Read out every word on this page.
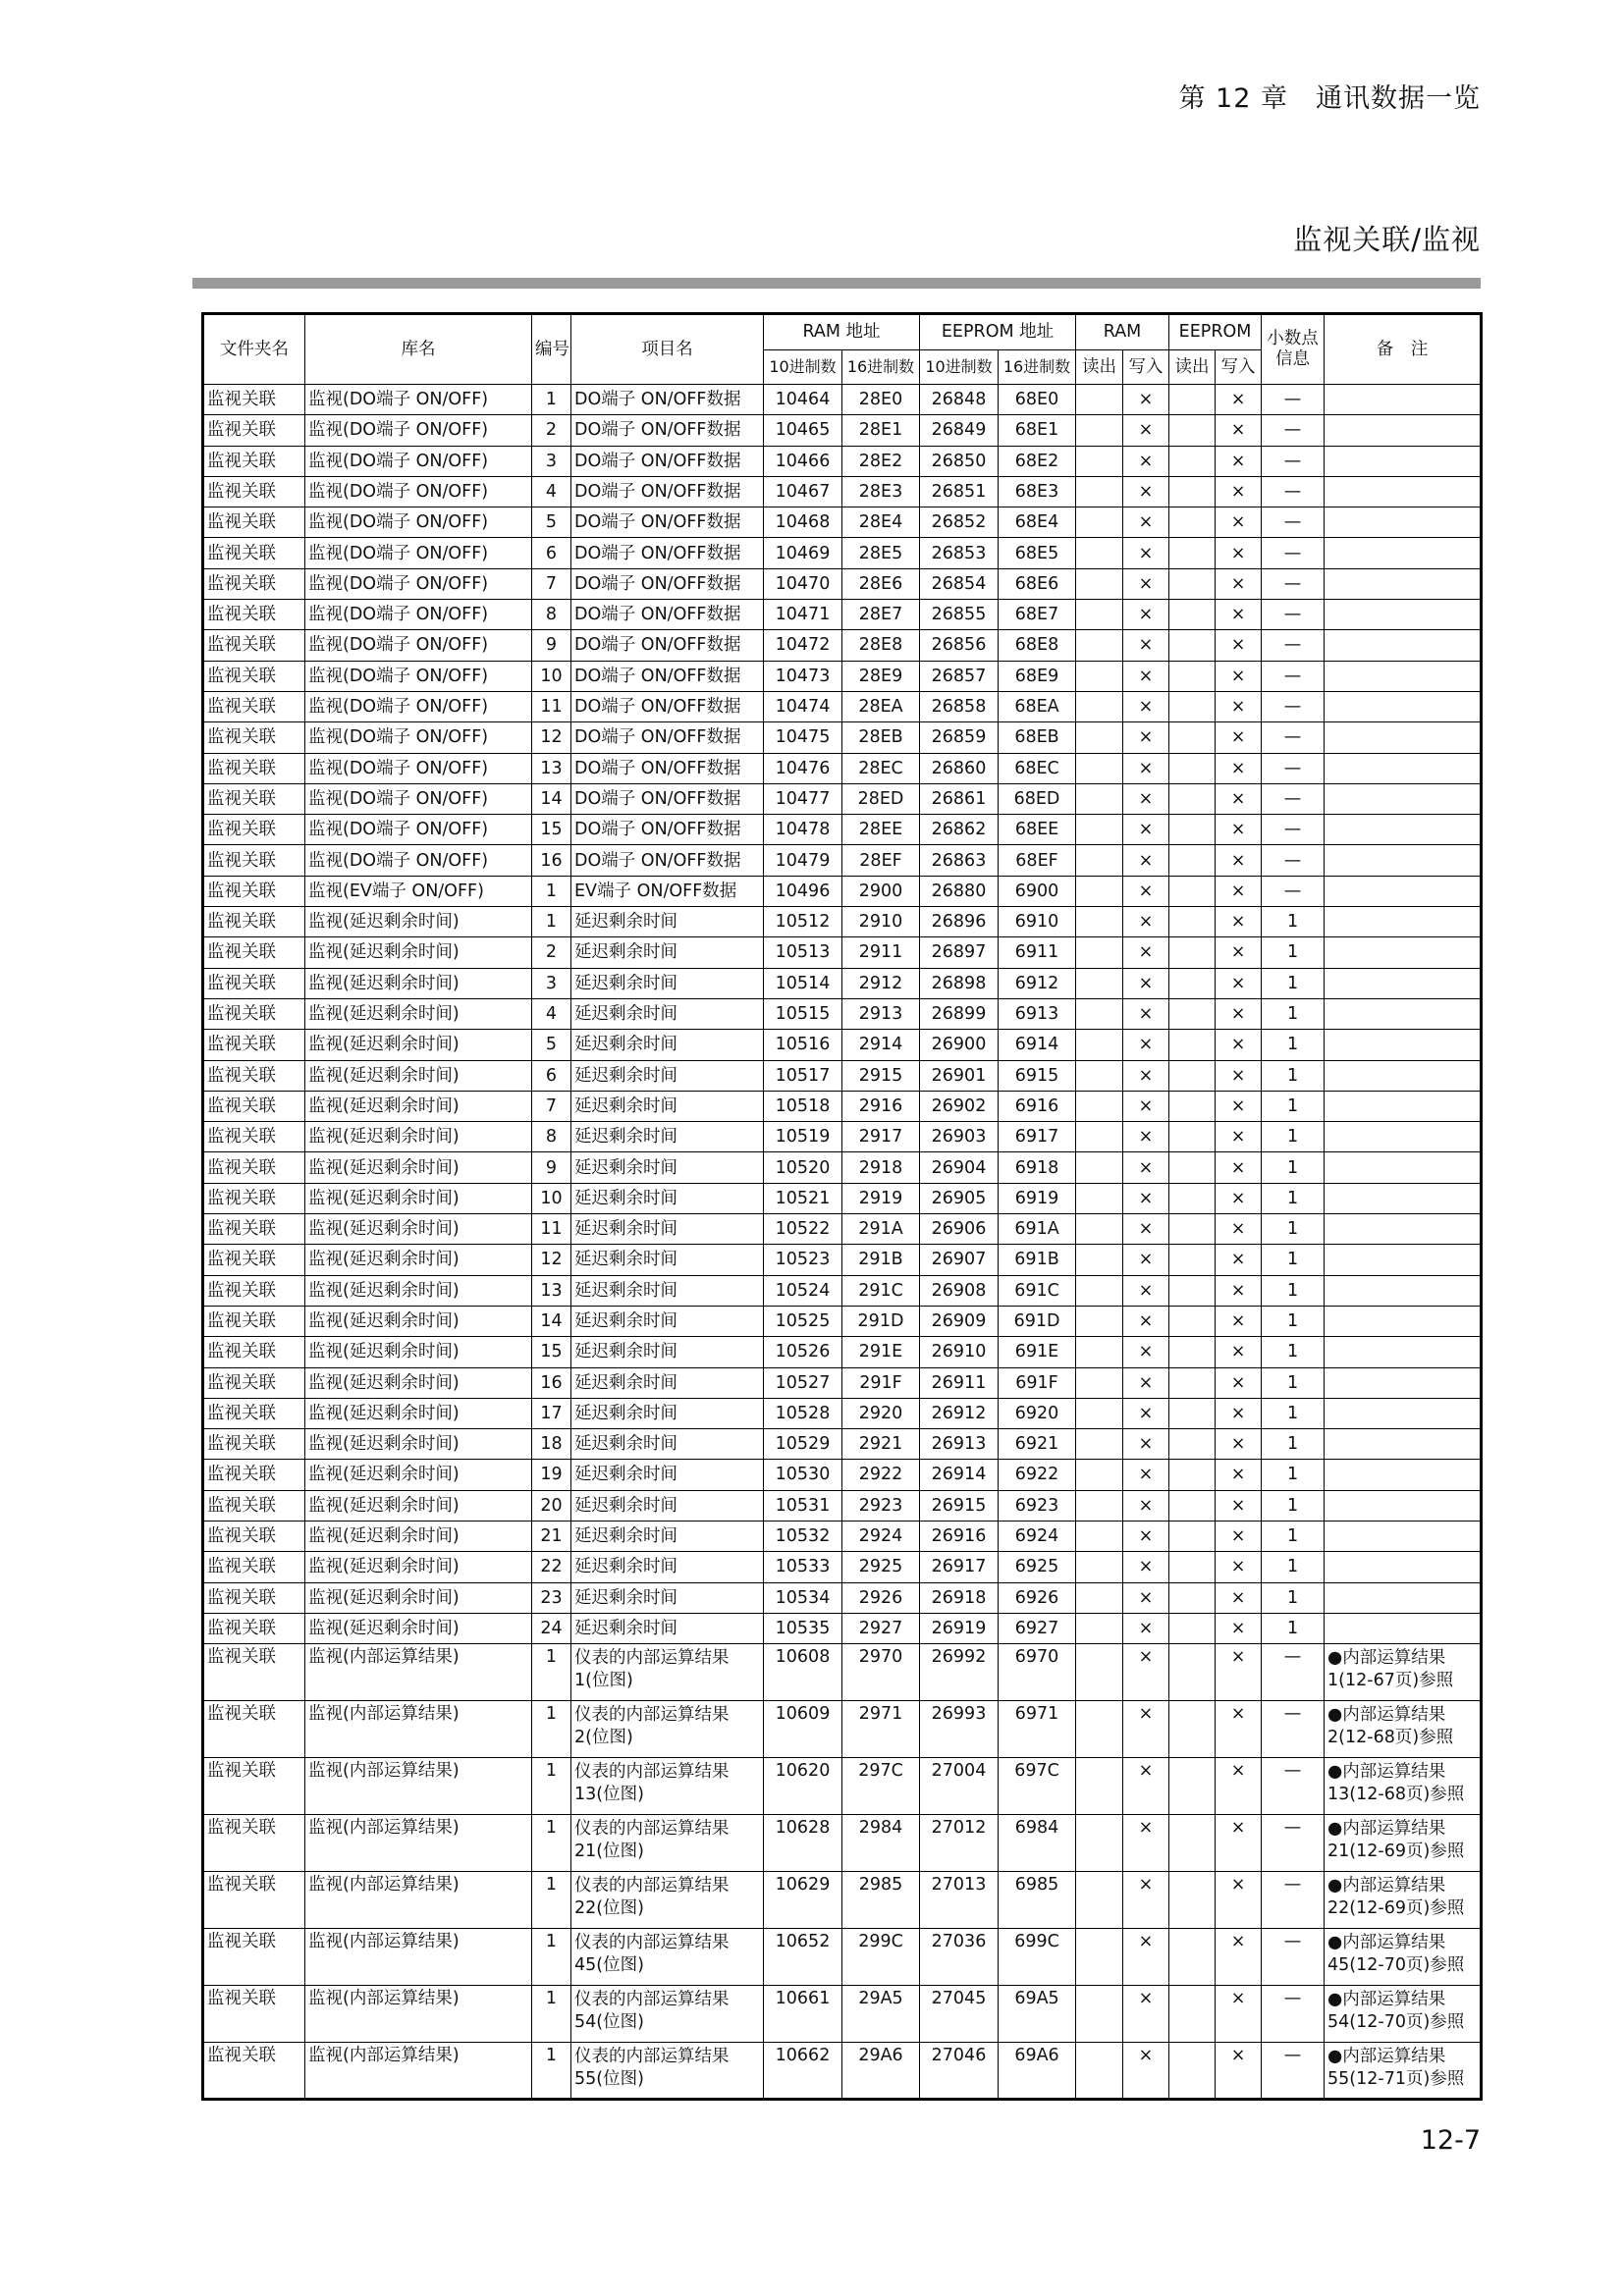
第 12 章　通讯数据一览
监视关联/监视
文件夹名	库名	编号	项目名	RAM 地址		EEPROM 地址		RAM		EEPROM		小数点信息	备　注
				10进制数	16进制数	10进制数	16进制数	读出	写入	读出	写入		
监视关联	监视(DO端子 ON/OFF)	1	DO端子 ON/OFF数据	10464	28E0	26848	68E0		×		×	—	
监视关联	监视(DO端子 ON/OFF)	2	DO端子 ON/OFF数据	10465	28E1	26849	68E1		×		×	—	
监视关联	监视(DO端子 ON/OFF)	3	DO端子 ON/OFF数据	10466	28E2	26850	68E2		×		×	—	
监视关联	监视(DO端子 ON/OFF)	4	DO端子 ON/OFF数据	10467	28E3	26851	68E3		×		×	—	
监视关联	监视(DO端子 ON/OFF)	5	DO端子 ON/OFF数据	10468	28E4	26852	68E4		×		×	—	
监视关联	监视(DO端子 ON/OFF)	6	DO端子 ON/OFF数据	10469	28E5	26853	68E5		×		×	—	
监视关联	监视(DO端子 ON/OFF)	7	DO端子 ON/OFF数据	10470	28E6	26854	68E6		×		×	—	
监视关联	监视(DO端子 ON/OFF)	8	DO端子 ON/OFF数据	10471	28E7	26855	68E7		×		×	—	
监视关联	监视(DO端子 ON/OFF)	9	DO端子 ON/OFF数据	10472	28E8	26856	68E8		×		×	—	
监视关联	监视(DO端子 ON/OFF)	10	DO端子 ON/OFF数据	10473	28E9	26857	68E9		×		×	—	
监视关联	监视(DO端子 ON/OFF)	11	DO端子 ON/OFF数据	10474	28EA	26858	68EA		×		×	—	
监视关联	监视(DO端子 ON/OFF)	12	DO端子 ON/OFF数据	10475	28EB	26859	68EB		×		×	—	
监视关联	监视(DO端子 ON/OFF)	13	DO端子 ON/OFF数据	10476	28EC	26860	68EC		×		×	—	
监视关联	监视(DO端子 ON/OFF)	14	DO端子 ON/OFF数据	10477	28ED	26861	68ED		×		×	—	
监视关联	监视(DO端子 ON/OFF)	15	DO端子 ON/OFF数据	10478	28EE	26862	68EE		×		×	—	
监视关联	监视(DO端子 ON/OFF)	16	DO端子 ON/OFF数据	10479	28EF	26863	68EF		×		×	—	
监视关联	监视(EV端子 ON/OFF)	1	EV端子 ON/OFF数据	10496	2900	26880	6900		×		×	—	
监视关联	监视(延迟剩余时间)	1	延迟剩余时间	10512	2910	26896	6910		×		×	1	
监视关联	监视(延迟剩余时间)	2	延迟剩余时间	10513	2911	26897	6911		×		×	1	
监视关联	监视(延迟剩余时间)	3	延迟剩余时间	10514	2912	26898	6912		×		×	1	
监视关联	监视(延迟剩余时间)	4	延迟剩余时间	10515	2913	26899	6913		×		×	1	
监视关联	监视(延迟剩余时间)	5	延迟剩余时间	10516	2914	26900	6914		×		×	1	
监视关联	监视(延迟剩余时间)	6	延迟剩余时间	10517	2915	26901	6915		×		×	1	
监视关联	监视(延迟剩余时间)	7	延迟剩余时间	10518	2916	26902	6916		×		×	1	
监视关联	监视(延迟剩余时间)	8	延迟剩余时间	10519	2917	26903	6917		×		×	1	
监视关联	监视(延迟剩余时间)	9	延迟剩余时间	10520	2918	26904	6918		×		×	1	
监视关联	监视(延迟剩余时间)	10	延迟剩余时间	10521	2919	26905	6919		×		×	1	
监视关联	监视(延迟剩余时间)	11	延迟剩余时间	10522	291A	26906	691A		×		×	1	
监视关联	监视(延迟剩余时间)	12	延迟剩余时间	10523	291B	26907	691B		×		×	1	
监视关联	监视(延迟剩余时间)	13	延迟剩余时间	10524	291C	26908	691C		×		×	1	
监视关联	监视(延迟剩余时间)	14	延迟剩余时间	10525	291D	26909	691D		×		×	1	
监视关联	监视(延迟剩余时间)	15	延迟剩余时间	10526	291E	26910	691E		×		×	1	
监视关联	监视(延迟剩余时间)	16	延迟剩余时间	10527	291F	26911	691F		×		×	1	
监视关联	监视(延迟剩余时间)	17	延迟剩余时间	10528	2920	26912	6920		×		×	1	
监视关联	监视(延迟剩余时间)	18	延迟剩余时间	10529	2921	26913	6921		×		×	1	
监视关联	监视(延迟剩余时间)	19	延迟剩余时间	10530	2922	26914	6922		×		×	1	
监视关联	监视(延迟剩余时间)	20	延迟剩余时间	10531	2923	26915	6923		×		×	1	
监视关联	监视(延迟剩余时间)	21	延迟剩余时间	10532	2924	26916	6924		×		×	1	
监视关联	监视(延迟剩余时间)	22	延迟剩余时间	10533	2925	26917	6925		×		×	1	
监视关联	监视(延迟剩余时间)	23	延迟剩余时间	10534	2926	26918	6926		×		×	1	
监视关联	监视(延迟剩余时间)	24	延迟剩余时间	10535	2927	26919	6927		×		×	1	
监视关联	监视(内部运算结果)	1	仪表的内部运算结果1(位图)	10608	2970	26992	6970		×		×	—	●内部运算结果1(12-67页)参照
监视关联	监视(内部运算结果)	1	仪表的内部运算结果2(位图)	10609	2971	26993	6971		×		×	—	●内部运算结果2(12-68页)参照
监视关联	监视(内部运算结果)	1	仪表的内部运算结果13(位图)	10620	297C	27004	697C		×		×	—	●内部运算结果13(12-68页)参照
监视关联	监视(内部运算结果)	1	仪表的内部运算结果21(位图)	10628	2984	27012	6984		×		×	—	●内部运算结果21(12-69页)参照
监视关联	监视(内部运算结果)	1	仪表的内部运算结果22(位图)	10629	2985	27013	6985		×		×	—	●内部运算结果22(12-69页)参照
监视关联	监视(内部运算结果)	1	仪表的内部运算结果45(位图)	10652	299C	27036	699C		×		×	—	●内部运算结果45(12-70页)参照
监视关联	监视(内部运算结果)	1	仪表的内部运算结果54(位图)	10661	29A5	27045	69A5		×		×	—	●内部运算结果54(12-70页)参照
监视关联	监视(内部运算结果)	1	仪表的内部运算结果55(位图)	10662	29A6	27046	69A6		×		×	—	●内部运算结果55(12-71页)参照
12-7
